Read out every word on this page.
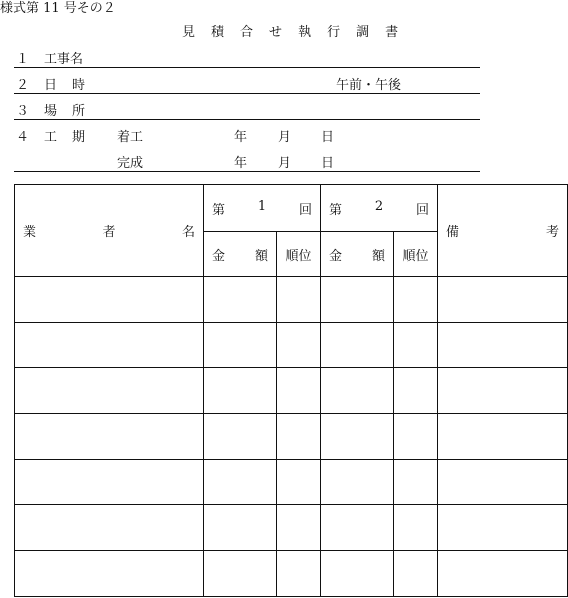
様式第 11 号その２
見 積 合 せ 執 行 調 書
１ 工事名
２ 日 時	午前・午後
３ 場 所
４ 工 期 着工	年 月 日
完成	年 月 日
業 者 名	第 1 回		第 2 回		備 考

	金 額	順位	金 額	順位	
